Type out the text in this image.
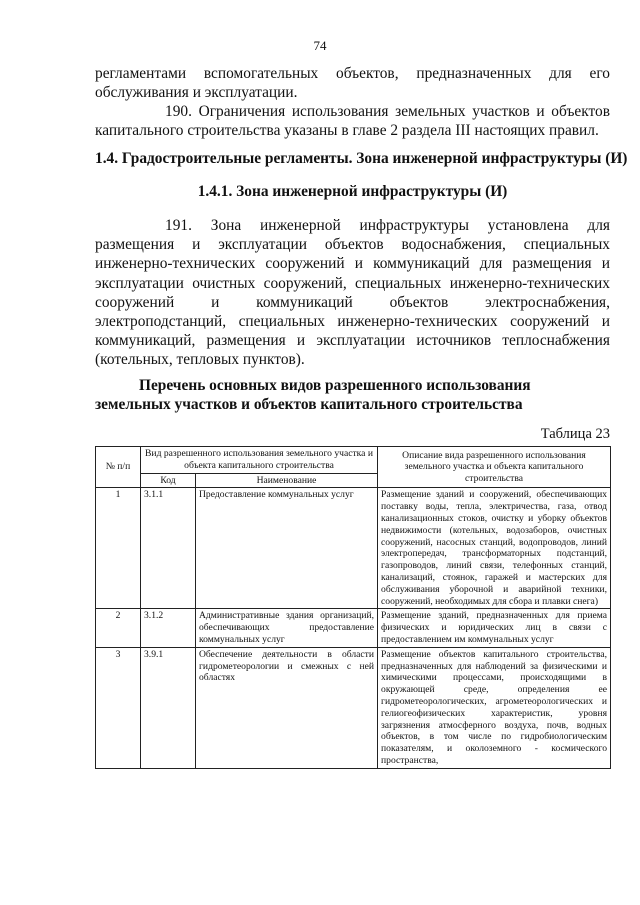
74

регламентами вспомогательных объектов, предназначенных для его обслуживания и эксплуатации.

190. Ограничения использования земельных участков и объектов капитального строительства указаны в главе 2 раздела III настоящих правил.

1.4. Градостроительные регламенты. Зона инженерной инфраструктуры (И)

1.4.1. Зона инженерной инфраструктуры (И)

191. Зона инженерной инфраструктуры установлена для размещения и эксплуатации объектов водоснабжения, специальных инженерно-технических сооружений и коммуникаций для размещения и эксплуатации очистных сооружений, специальных инженерно-технических сооружений и коммуникаций объектов электроснабжения, электроподстанций, специальных инженерно-технических сооружений и коммуникаций, размещения и эксплуатации источников теплоснабжения (котельных, тепловых пунктов).

Перечень основных видов разрешенного использования земельных участков и объектов капитального строительства

Таблица 23
№ п/п	Вид разрешенного использования земельного участка и объекта капитального строительства		Описание вида разрешенного использования земельного участка и объекта капитального строительства
	Код	Наименование	
1	3.1.1	Предоставление коммунальных услуг	Размещение зданий и сооружений, обеспечивающих поставку воды, тепла, электричества, газа, отвод канализационных стоков, очистку и уборку объектов недвижимости (котельных, водозаборов, очистных сооружений, насосных станций, водопроводов, линий электропередач, трансформаторных подстанций, газопроводов, линий связи, телефонных станций, канализаций, стоянок, гаражей и мастерских для обслуживания уборочной и аварийной техники, сооружений, необходимых для сбора и плавки снега)
2	3.1.2	Административные здания организаций, обеспечивающих предоставление коммунальных услуг	Размещение зданий, предназначенных для приема физических и юридических лиц в связи с предоставлением им коммунальных услуг
3	3.9.1	Обеспечение деятельности в области гидрометеорологии и смежных с ней областях	Размещение объектов капитального строительства, предназначенных для наблюдений за физическими и химическими процессами, происходящими в окружающей среде, определения ее гидрометеорологических, агрометеорологических и гелиогеофизических характеристик, уровня загрязнения атмосферного воздуха, почв, водных объектов, в том числе по гидробиологическим показателям, и околоземного - космического пространства,
